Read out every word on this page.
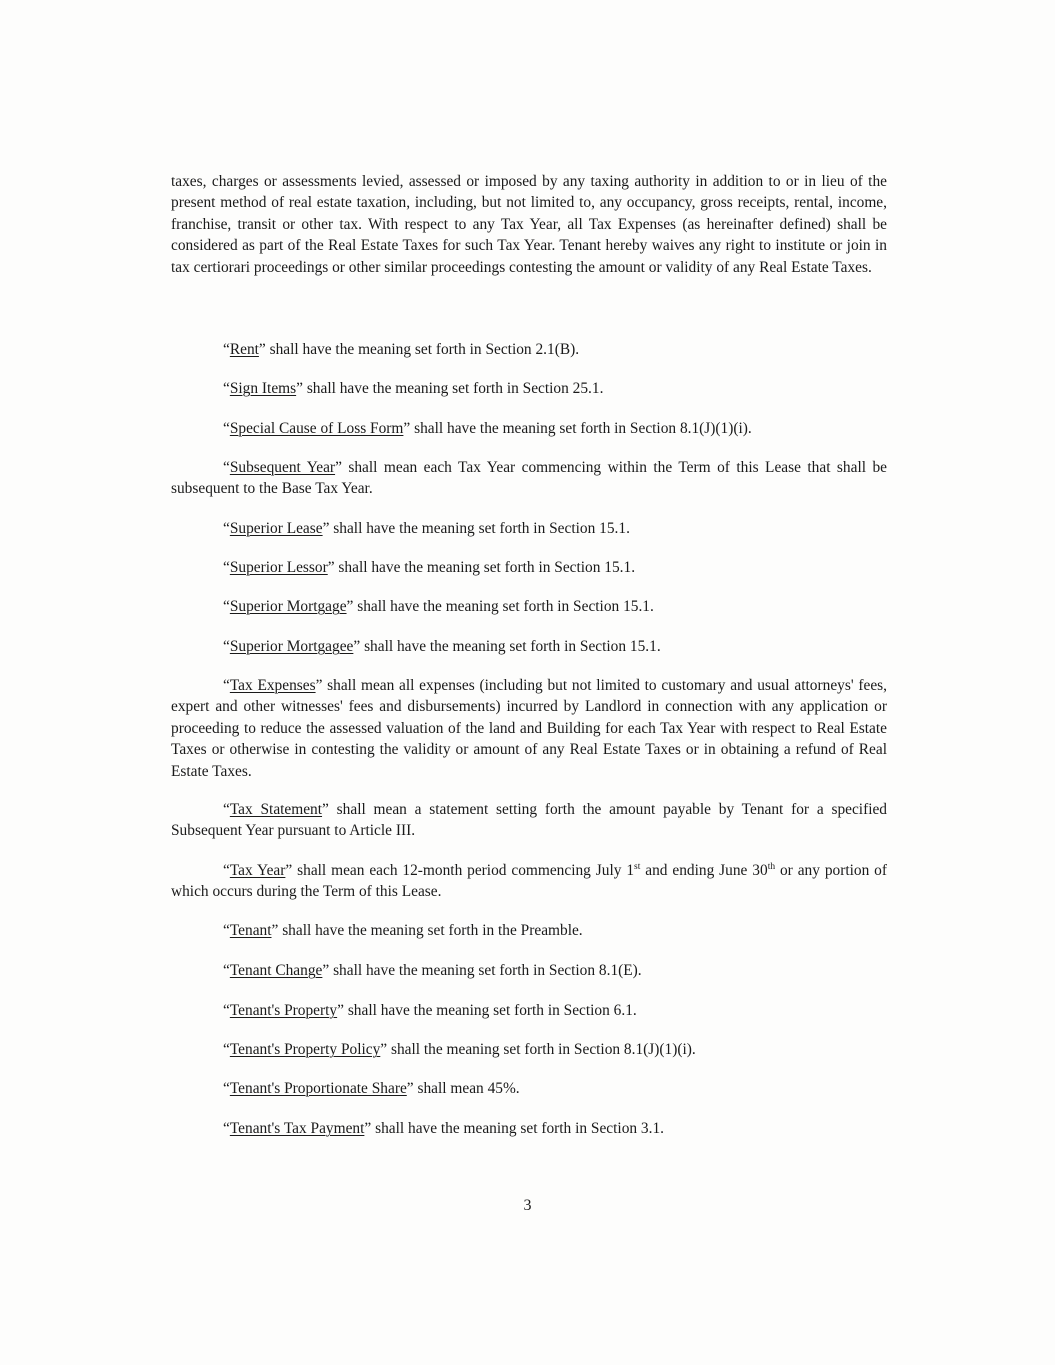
taxes, charges or assessments levied, assessed or imposed by any taxing authority in addition to or in lieu of the present method of real estate taxation, including, but not limited to, any occupancy, gross receipts, rental, income, franchise, transit or other tax. With respect to any Tax Year, all Tax Expenses (as hereinafter defined) shall be considered as part of the Real Estate Taxes for such Tax Year. Tenant hereby waives any right to institute or join in tax certiorari proceedings or other similar proceedings contesting the amount or validity of any Real Estate Taxes.

“Rent” shall have the meaning set forth in Section 2.1(B).
“Sign Items” shall have the meaning set forth in Section 25.1.
“Special Cause of Loss Form” shall have the meaning set forth in Section 8.1(J)(1)(i).
“Subsequent Year” shall mean each Tax Year commencing within the Term of this Lease that shall be subsequent to the Base Tax Year.
“Superior Lease” shall have the meaning set forth in Section 15.1.
“Superior Lessor” shall have the meaning set forth in Section 15.1.
“Superior Mortgage” shall have the meaning set forth in Section 15.1.
“Superior Mortgagee” shall have the meaning set forth in Section 15.1.
“Tax Expenses” shall mean all expenses (including but not limited to customary and usual attorneys' fees, expert and other witnesses' fees and disbursements) incurred by Landlord in connection with any application or proceeding to reduce the assessed valuation of the land and Building for each Tax Year with respect to Real Estate Taxes or otherwise in contesting the validity or amount of any Real Estate Taxes or in obtaining a refund of Real Estate Taxes.
“Tax Statement” shall mean a statement setting forth the amount payable by Tenant for a specified Subsequent Year pursuant to Article III.
“Tax Year” shall mean each 12-month period commencing July 1st and ending June 30th or any portion of which occurs during the Term of this Lease.
“Tenant” shall have the meaning set forth in the Preamble.
“Tenant Change” shall have the meaning set forth in Section 8.1(E).
“Tenant's Property” shall have the meaning set forth in Section 6.1.
“Tenant's Property Policy” shall the meaning set forth in Section 8.1(J)(1)(i).
“Tenant's Proportionate Share” shall mean 45%.
“Tenant's Tax Payment” shall have the meaning set forth in Section 3.1.
3
